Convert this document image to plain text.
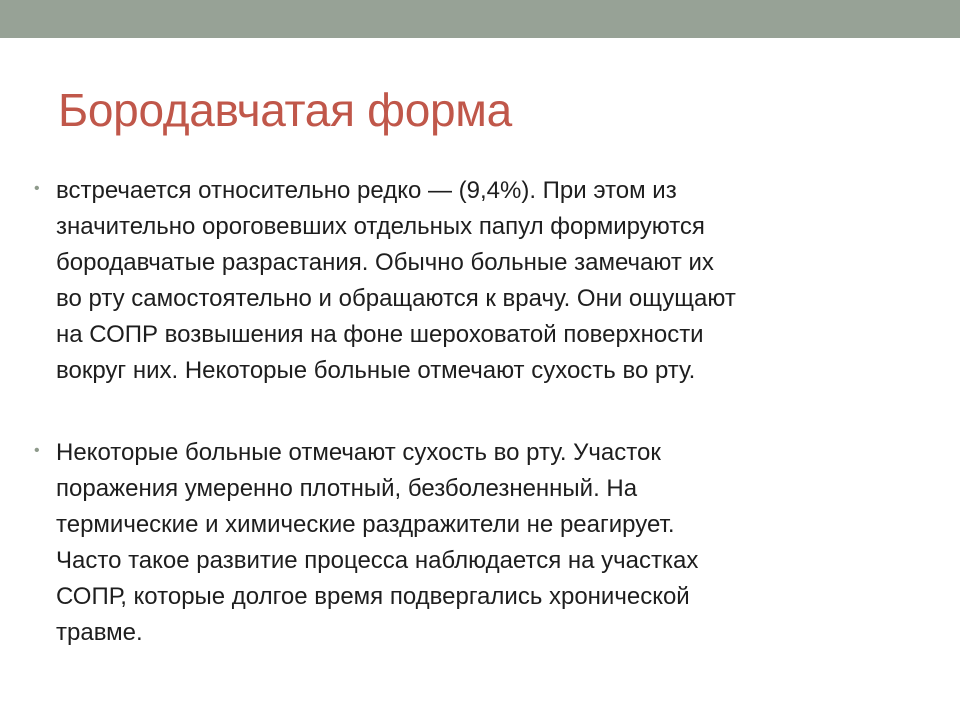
Бородавчатая форма
• встречается относительно редко — (9,4%). При этом из
значительно ороговевших отдельных папул формируются
бородавчатые разрастания. Обычно больные замечают их
во рту самостоятельно и обращаются к врачу. Они ощущают
на СОПР возвышения на фоне шероховатой поверхности
вокруг них. Некоторые больные отмечают сухость во рту.
• Некоторые больные отмечают сухость во рту. Участок
поражения умеренно плотный, безболезненный. На
термические и химические раздражители не реагирует.
Часто такое развитие процесса наблюдается на участках
СОПР, которые долгое время подвергались хронической
травме.
